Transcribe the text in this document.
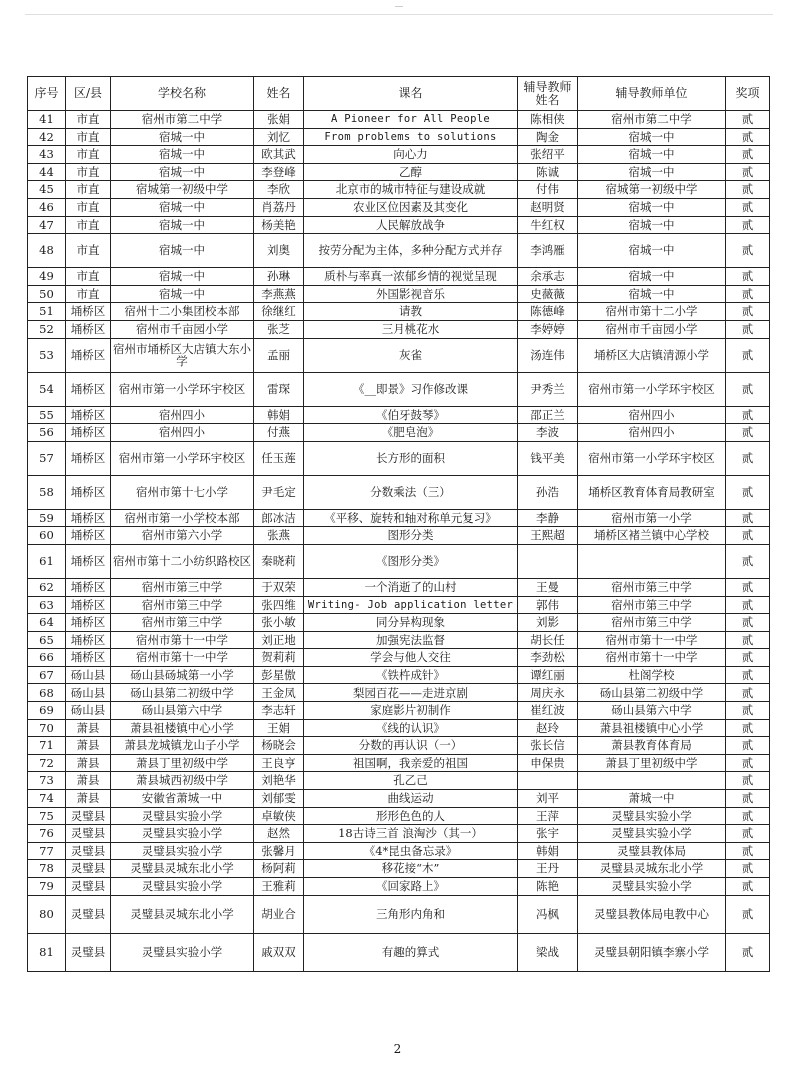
序号	区/县	学校名称	姓名	课名	辅导教师姓名	辅导教师单位	奖项
41	市直	宿州市第二中学	张娟	A Pioneer for All People	陈相侠	宿州市第二中学	贰
42	市直	宿城一中	刘忆	From problems to solutions	陶金	宿城一中	贰
43	市直	宿城一中	欧其武	向心力	张绍平	宿城一中	贰
44	市直	宿城一中	李登峰	乙醇	陈诚	宿城一中	贰
45	市直	宿城第一初级中学	李欣	北京市的城市特征与建设成就	付伟	宿城第一初级中学	贰
46	市直	宿城一中	肖荔丹	农业区位因素及其变化	赵明贤	宿城一中	贰
47	市直	宿城一中	杨美艳	人民解放战争	牛红权	宿城一中	贰
48	市直	宿城一中	刘奥	按劳分配为主体，多种分配方式并存	李鸿雁	宿城一中	贰
49	市直	宿城一中	孙琳	质朴与率真一浓郁乡情的视觉呈现	余承志	宿城一中	贰
50	市直	宿城一中	李燕燕	外国影视音乐	史薇薇	宿城一中	贰
51	埇桥区	宿州十二小集团校本部	徐继红	请教	陈德峰	宿州市第十二小学	贰
52	埇桥区	宿州市千亩园小学	张芝	三月桃花水	李婷婷	宿州市千亩园小学	贰
53	埇桥区	宿州市埇桥区大店镇大东小学	孟丽	灰雀	汤连伟	埇桥区大店镇清源小学	贰
54	埇桥区	宿州市第一小学环宇校区	雷琛	《__即景》习作修改课	尹秀兰	宿州市第一小学环宇校区	贰
55	埇桥区	宿州四小	韩娟	《伯牙鼓琴》	邵正兰	宿州四小	贰
56	埇桥区	宿州四小	付燕	《肥皂泡》	李波	宿州四小	贰
57	埇桥区	宿州市第一小学环宇校区	任玉莲	长方形的面积	钱平美	宿州市第一小学环宇校区	贰
58	埇桥区	宿州市第十七小学	尹毛定	分数乘法（三）	孙浩	埇桥区教育体育局教研室	贰
59	埇桥区	宿州市第一小学校本部	郎冰洁	《平移、旋转和轴对称单元复习》	李静	宿州市第一小学	贰
60	埇桥区	宿州市第六小学	张燕	图形分类	王熙超	埇桥区褚兰镇中心学校	贰
61	埇桥区	宿州市第十二小纺织路校区	秦晓莉	《图形分类》			贰
62	埇桥区	宿州市第三中学	于双荣	一个消逝了的山村	王曼	宿州市第三中学	贰
63	埇桥区	宿州市第三中学	张四维	Writing- Job application letter	郭伟	宿州市第三中学	贰
64	埇桥区	宿州市第三中学	张小敏	同分异构现象	刘影	宿州市第三中学	贰
65	埇桥区	宿州市第十一中学	刘正地	加强宪法监督	胡长任	宿州市第十一中学	贰
66	埇桥区	宿州市第十一中学	贺莉莉	学会与他人交往	李劲松	宿州市第十一中学	贰
67	砀山县	砀山县砀城第一小学	彭星傲	《铁杵成针》	谭红丽	杜阁学校	贰
68	砀山县	砀山县第二初级中学	王金凤	梨园百花——走进京剧	周庆永	砀山县第二初级中学	贰
69	砀山县	砀山县第六中学	李志轩	家庭影片初制作	崔红波	砀山县第六中学	贰
70	萧县	萧县祖楼镇中心小学	王娟	《线的认识》	赵玲	萧县祖楼镇中心小学	贰
71	萧县	萧县龙城镇龙山子小学	杨晓会	分数的再认识（一）	张长信	萧县教育体育局	贰
72	萧县	萧县丁里初级中学	王良亨	祖国啊，我亲爱的祖国	申保贵	萧县丁里初级中学	贰
73	萧县	萧县城西初级中学	刘艳华	孔乙己			贰
74	萧县	安徽省萧城一中	刘郁雯	曲线运动	刘平	萧城一中	贰
75	灵璧县	灵璧县实验小学	卓敏侠	形形色色的人	王萍	灵璧县实验小学	贰
76	灵璧县	灵璧县实验小学	赵然	18古诗三首 浪淘沙（其一）	张宇	灵璧县实验小学	贰
77	灵璧县	灵璧县实验小学	张馨月	《4*昆虫备忘录》	韩娟	灵璧县教体局	贰
78	灵璧县	灵璧县灵城东北小学	杨阿莉	移花接“木”	王丹	灵璧县灵城东北小学	贰
79	灵璧县	灵璧县实验小学	王雅莉	《回家路上》	陈艳	灵璧县实验小学	贰
80	灵璧县	灵璧县灵城东北小学	胡业合	三角形内角和	冯枫	灵璧县教体局电教中心	贰
81	灵璧县	灵璧县实验小学	戚双双	有趣的算式	梁战	灵璧县朝阳镇李寨小学	贰
2
